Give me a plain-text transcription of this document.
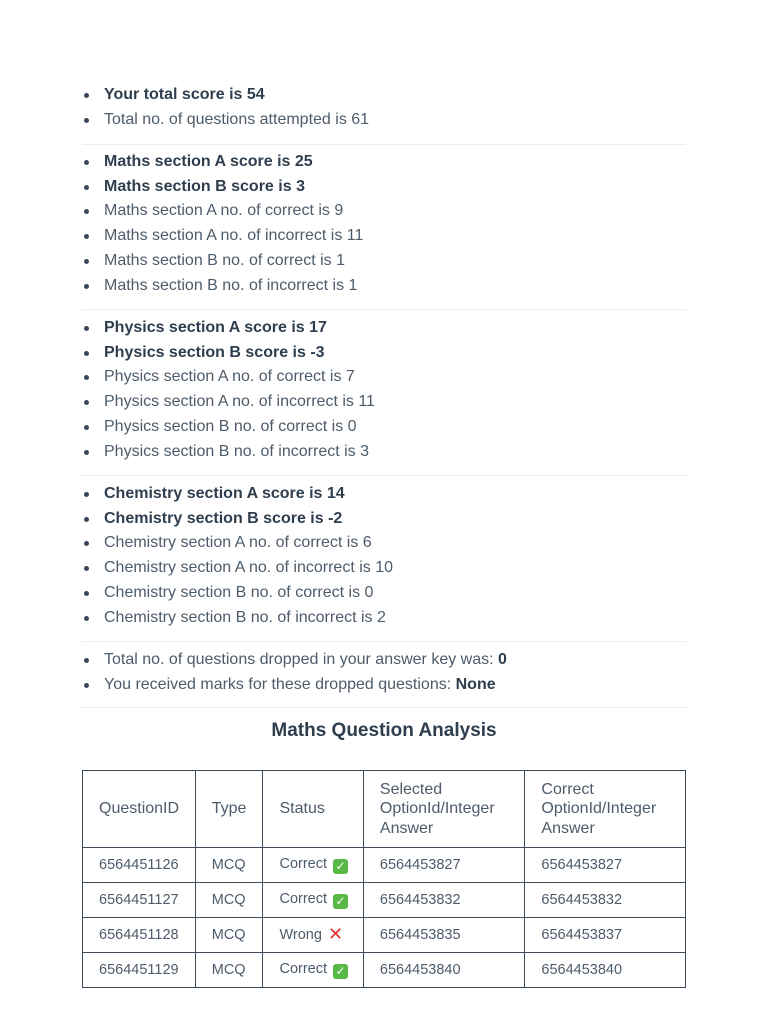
Your total score is 54
Total no. of questions attempted is 61
Maths section A score is 25
Maths section B score is 3
Maths section A no. of correct is 9
Maths section A no. of incorrect is 11
Maths section B no. of correct is 1
Maths section B no. of incorrect is 1
Physics section A score is 17
Physics section B score is -3
Physics section A no. of correct is 7
Physics section A no. of incorrect is 11
Physics section B no. of correct is 0
Physics section B no. of incorrect is 3
Chemistry section A score is 14
Chemistry section B score is -2
Chemistry section A no. of correct is 6
Chemistry section A no. of incorrect is 10
Chemistry section B no. of correct is 0
Chemistry section B no. of incorrect is 2
Total no. of questions dropped in your answer key was: 0
You received marks for these dropped questions: None
Maths Question Analysis
QuestionID	Type	Status	Selected OptionId/Integer Answer	Correct OptionId/Integer Answer
6564451126	MCQ	Correct ✓	6564453827	6564453827
6564451127	MCQ	Correct ✓	6564453832	6564453832
6564451128	MCQ	Wrong ✕	6564453835	6564453837
6564451129	MCQ	Correct ✓	6564453840	6564453840
